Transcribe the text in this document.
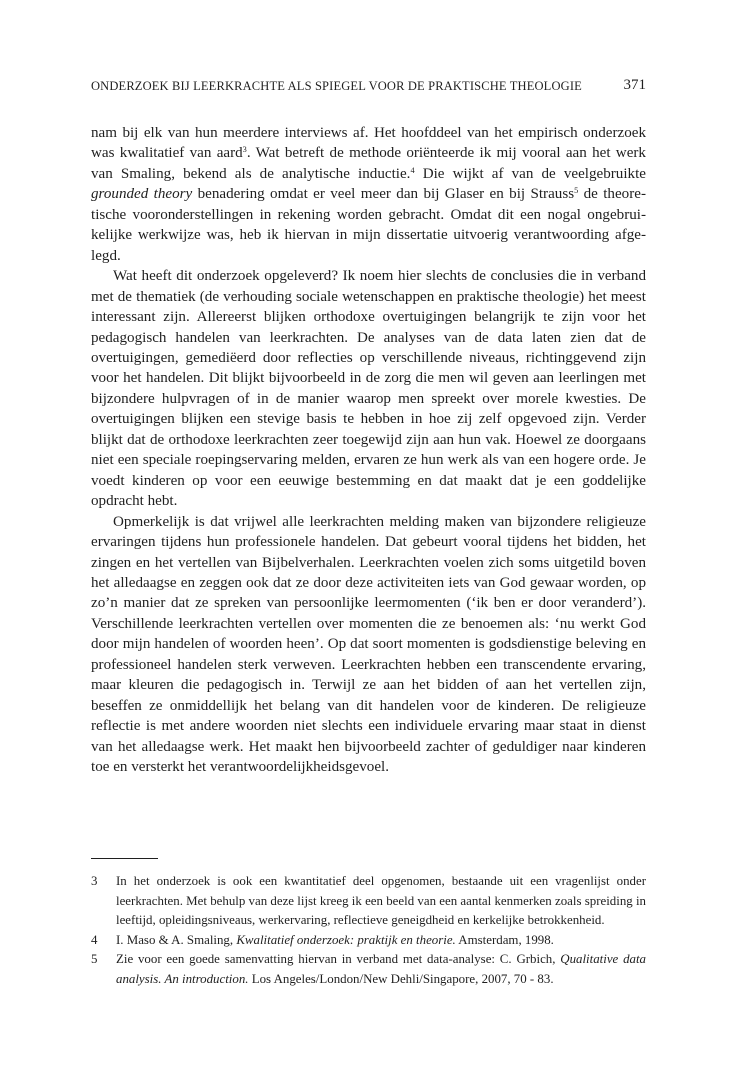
ONDERZOEK BIJ LEERKRACHTE ALS SPIEGEL VOOR DE PRAKTISCHE THEOLOGIE	371

nam bij elk van hun meerdere interviews af. Het hoofddeel van het empirisch onderzoek was kwalitatief van aard$^3$. Wat betreft de methode oriënteerde ik mij vooral aan het werk van Smaling, bekend als de analytische inductie.$^4$ Die wijkt af van de veelgebruikte grounded theory benadering omdat er veel meer dan bij Glaser en bij Strauss$^5$ de theoretische vooronderstellingen in rekening worden gebracht. Omdat dit een nogal ongebruikelijke werkwijze was, heb ik hiervan in mijn dissertatie uitvoerig verantwoording afgelegd.

Wat heeft dit onderzoek opgeleverd? Ik noem hier slechts de conclusies die in verband met de thematiek (de verhouding sociale wetenschappen en praktische theologie) het meest interessant zijn. Allereerst blijken orthodoxe overtuigingen belangrijk te zijn voor het pedagogisch handelen van leerkrachten. De analyses van de data laten zien dat de overtuigingen, gemediëerd door reflecties op verschillende niveaus, richtinggevend zijn voor het handelen. Dit blijkt bijvoorbeeld in de zorg die men wil geven aan leerlingen met bijzondere hulpvragen of in de manier waarop men spreekt over morele kwesties. De overtuigingen blijken een stevige basis te hebben in hoe zij zelf opgevoed zijn. Verder blijkt dat de orthodoxe leerkrachten zeer toegewijd zijn aan hun vak. Hoewel ze doorgaans niet een speciale roepingservaring melden, ervaren ze hun werk als van een hogere orde. Je voedt kinderen op voor een eeuwige bestemming en dat maakt dat je een goddelijke opdracht hebt.

Opmerkelijk is dat vrijwel alle leerkrachten melding maken van bijzondere religieuze ervaringen tijdens hun professionele handelen. Dat gebeurt vooral tijdens het bidden, het zingen en het vertellen van Bijbelverhalen. Leerkrachten voelen zich soms uitgetild boven het alledaagse en zeggen ook dat ze door deze activiteiten iets van God gewaar worden, op zo’n manier dat ze spreken van persoonlijke leermomenten (‘ik ben er door veranderd’). Verschillende leerkrachten vertellen over momenten die ze benoemen als: ‘nu werkt God door mijn handelen of woorden heen’. Op dat soort momenten is godsdienstige beleving en professioneel handelen sterk verweven. Leerkrachten hebben een transcendente ervaring, maar kleuren die pedagogisch in. Terwijl ze aan het bidden of aan het vertellen zijn, beseffen ze onmiddellijk het belang van dit handelen voor de kinderen. De religieuze reflectie is met andere woorden niet slechts een individuele ervaring maar staat in dienst van het alledaagse werk. Het maakt hen bijvoorbeeld zachter of geduldiger naar kinderen toe en versterkt het verantwoordelijkheidsgevoel.

3 In het onderzoek is ook een kwantitatief deel opgenomen, bestaande uit een vragenlijst onder leerkrachten. Met behulp van deze lijst kreeg ik een beeld van een aantal kenmerken zoals spreiding in leeftijd, opleidingsniveaus, werkervaring, reflectieve geneigdheid en kerkelijke betrokkenheid.
4 I. Maso & A. Smaling, Kwalitatief onderzoek: praktijk en theorie. Amsterdam, 1998.
5 Zie voor een goede samenvatting hiervan in verband met data-analyse: C. Grbich, Qualitative data analysis. An introduction. Los Angeles/London/New Dehli/Singapore, 2007, 70 - 83.
